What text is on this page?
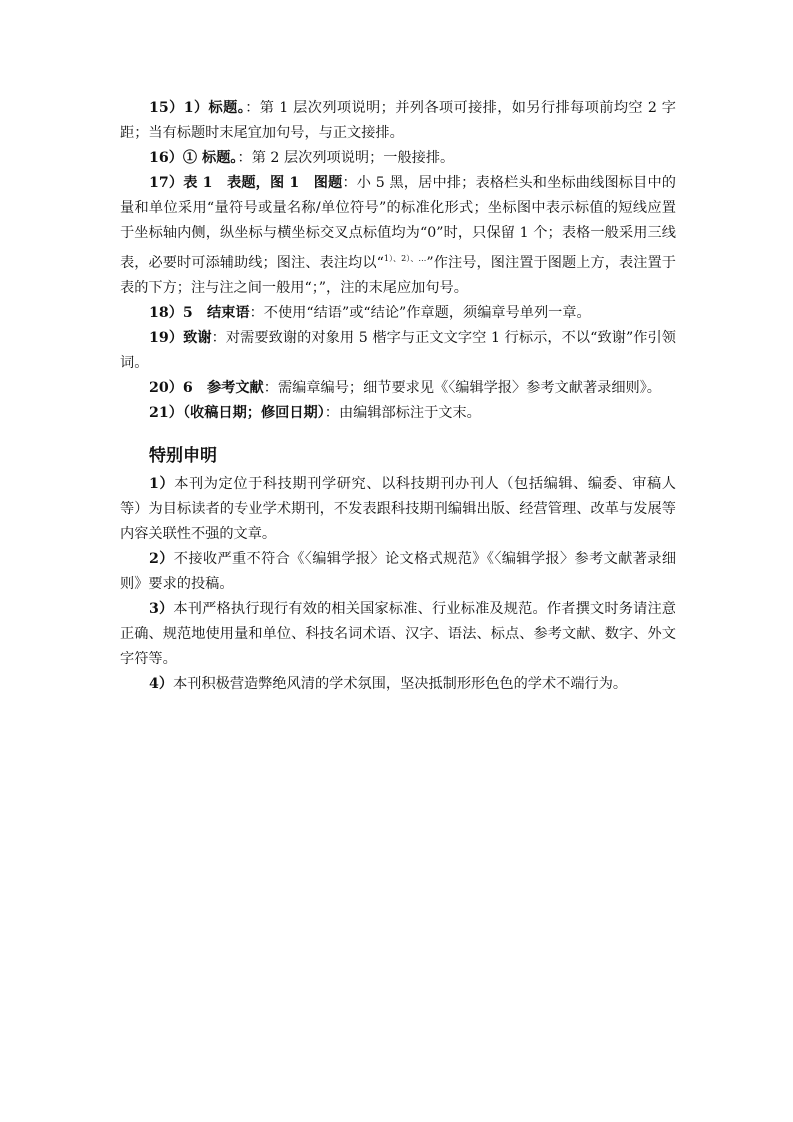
15）1）标题。：第 1 层次列项说明；并列各项可接排，如另行排每项前均空 2 字距；当有标题时末尾宜加句号，与正文接排。

16）① 标题。：第 2 层次列项说明；一般接排。

17）表 1　表题，图 1　图题：小 5 黑，居中排；表格栏头和坐标曲线图标目中的量和单位采用“量符号或量名称/单位符号”的标准化形式；坐标图中表示标值的短线应置于坐标轴内侧，纵坐标与横坐标交叉点标值均为“0”时，只保留 1 个；表格一般采用三线表，必要时可添辅助线；图注、表注均以“$^{1)、2)、\dots}$”作注号，图注置于图题上方，表注置于表的下方；注与注之间一般用“；”，注的末尾应加句号。

18）5　结束语：不使用“结语”或“结论”作章题，须编章号单列一章。

19）致谢：对需要致谢的对象用 5 楷字与正文文字空 1 行标示，不以“致谢”作引领词。

20）6　参考文献：需编章编号；细节要求见《〈编辑学报〉参考文献著录细则》。

21）（收稿日期；修回日期）：由编辑部标注于文末。

特别申明

1）本刊为定位于科技期刊学研究、以科技期刊办刊人（包括编辑、编委、审稿人等）为目标读者的专业学术期刊，不发表跟科技期刊编辑出版、经营管理、改革与发展等内容关联性不强的文章。

2）不接收严重不符合《〈编辑学报〉论文格式规范》《〈编辑学报〉参考文献著录细则》要求的投稿。

3）本刊严格执行现行有效的相关国家标准、行业标准及规范。作者撰文时务请注意正确、规范地使用量和单位、科技名词术语、汉字、语法、标点、参考文献、数字、外文字符等。

4）本刊积极营造弊绝风清的学术氛围，坚决抵制形形色色的学术不端行为。
